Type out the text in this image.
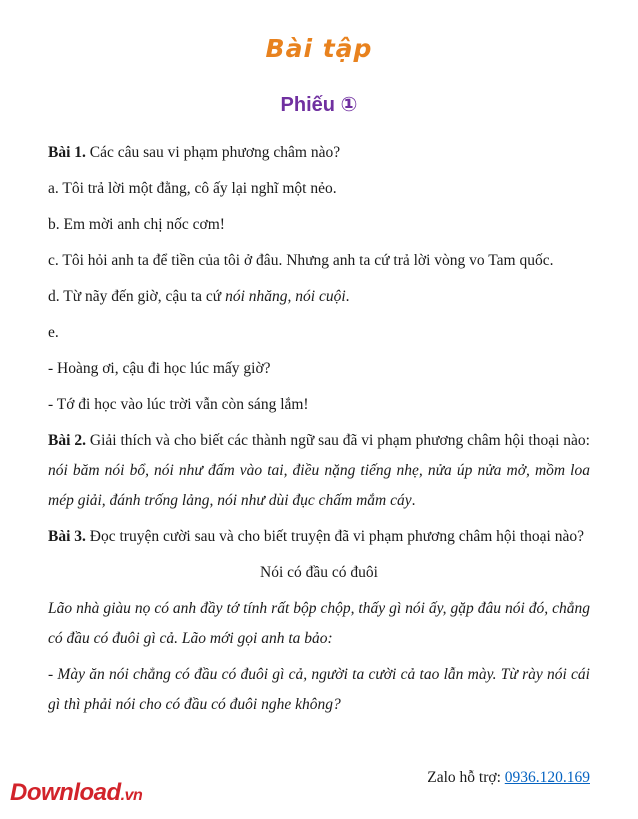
Bài tập
Phiếu ①

Bài 1. Các câu sau vi phạm phương châm nào?

a. Tôi trả lời một đằng, cô ấy lại nghĩ một nẻo.

b. Em mời anh chị nốc cơm!

c. Tôi hỏi anh ta để tiền của tôi ở đâu. Nhưng anh ta cứ trả lời vòng vo Tam quốc.

d. Từ nãy đến giờ, cậu ta cứ nói nhăng, nói cuội.

e.

- Hoàng ơi, cậu đi học lúc mấy giờ?

- Tớ đi học vào lúc trời vẫn còn sáng lắm!

Bài 2. Giải thích và cho biết các thành ngữ sau đã vi phạm phương châm hội thoại nào: nói băm nói bổ, nói như đấm vào tai, điều nặng tiếng nhẹ, nửa úp nửa mở, mồm loa mép giải, đánh trống lảng, nói như dùi đục chấm mắm cáy.

Bài 3. Đọc truyện cười sau và cho biết truyện đã vi phạm phương châm hội thoại nào?

Nói có đầu có đuôi

Lão nhà giàu nọ có anh đầy tớ tính rất bộp chộp, thấy gì nói ấy, gặp đâu nói đó, chẳng có đầu có đuôi gì cả. Lão mới gọi anh ta bảo:

- Mày ăn nói chẳng có đầu có đuôi gì cả, người ta cười cả tao lẫn mày. Từ rày nói cái gì thì phải nói cho có đầu có đuôi nghe không?

Download.vn
Zalo hỗ trợ: 0936.120.169
